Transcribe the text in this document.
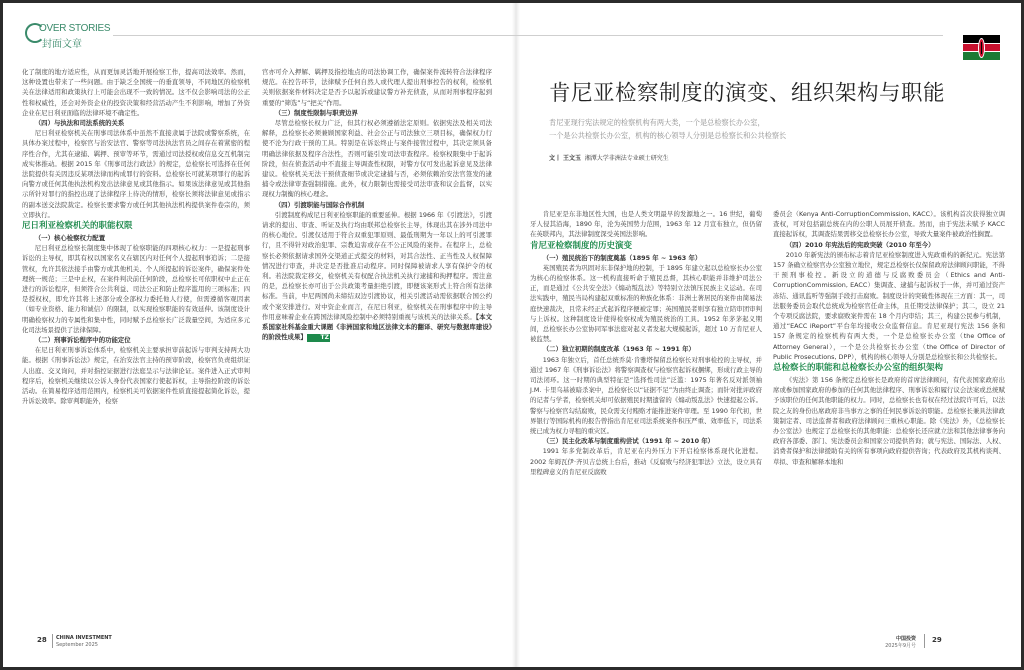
OVER STORIES
封面文章

化了制度的地方适应性，从而更加灵活地开展检察工作，提高司法效率。然而，这种设置也带来了一些问题。由于缺乏全国统一的垂直领导，不同地区的检察机关在法律适用和政策执行上可能会出现不一致的情况。这不仅会影响司法的公正性和权威性，还会对外资企业的投资决策和经营活动产生不利影响，增加了外资企业在尼日利亚面临的法律环境不确定性。

（四）与执法和司法系统的关系

尼日利亚检察机关在刑事司法体系中虽然不直接隶属于法院或警察系统，在具体办案过程中，检察官与治安法官、警察等司法执法官员之间存在着紧密的程序性合作，尤其在逮捕、羁押、预审等环节，需通过司法授权或信息交互机制完成实体推动。根据 2015 年《刑事司法行政法》的规定，总检察长可选择在任何法院提供有关因违反某项法律而构成罪行的资料。总检察长可就某项罪行的起诉向警方或任何其他执法机构发出法律意见或其他指示。如果该法律意见或其他指示所针对罪行的指控出现了法律程序上待决的情形，检察长须将法律意见或指示的副本送交法院裁定。检察长要求警方或任何其他执法机构提供案件卷宗的，须立即执行。

尼日利亚检察机关的职能权限

（一）核心检察权力配置

尼日利亚总检察长制度集中体现了检察职能的四项核心权力：一是提起刑事诉讼的主导权，即其有权以国家名义在辖区内对任何个人提起刑事追诉；二是接管权，允许其依法接手由警方或其他机关、个人所提起的诉讼案件，确保案件处理统一规范；三是中止权，在案件判决前任何阶段，总检察长可依职权中止正在进行的诉讼程序，但须符合公共利益、司法公正和防止程序滥用的三项标准；四是授权权，即允许其将上述部分或全部权力委托他人行使，但需遵循客观因素（如专业资格、能力和诚信）的限制，以实现检察职能的有效延伸。该制度设计明确检察权力的专属性和集中性，同时赋予总检察长广泛裁量空间，为适应多元化司法场景提供了法律保障。

（二）刑事诉讼程序中的功能定位

在尼日利亚刑事诉讼体系中，检察机关主要承担审前起诉与审判支持两大功能。根据《刑事诉讼法》规定，在治安法官主持的预审阶段，检察官负责组织证人出庭、交叉询问，并对指控证据进行法庭呈示与法律论证。案件进入正式审判程序后，检察机关继续以公诉人身份代表国家行使起诉权，主导指控阶段的诉讼活动。在简易程序适用范围内，检察机关可依据案件性质直接提起简化诉讼，提升诉讼效率。除审判职能外，检察

官亦可介入押解、羁押及指控地点的司法协调工作，确保案件流转符合法律程序规范。在控告环节，法律赋予任何自然人或代理人提出刑事控告的权利，检察机关则依据案件材料决定是否予以起诉或建议警方补充侦查，从而对刑事程序起到重要的“筛选”与“把关”作用。

（三）制度性限制与职责边界

尽管总检察长权力广泛，但其行权必须遵循法定原则。依据宪法及相关司法解释，总检察长必须兼顾国家利益、社会公正与司法独立三项目标，确保权力行使不沦为行政干预的工具。特别是在诉讼终止与案件接管过程中，其决定须具备明确法律依据及程序合法性，否则可能引发司法审查程序。检察权限集中于起诉阶段，但在侦查活动中不直接主导调查性权限，对警方仅可发出起诉意见及法律建议。检察机关无法干预侦查细节或决定逮捕与否，必须依赖治安法官签发的逮捕令或法律审查强制措施。此外，权力限制也需接受司法审查和议会监督，以实现权力制衡的核心理念。

（四）引渡职能与国际合作机制

引渡制度构成尼日利亚检察职能的重要延伸。根据 1966 年《引渡法》，引渡请求的提出、审查、听证及执行均由联邦总检察长主导，体现出其在涉外司法中的核心地位。引渡仅适用于符合双重犯罪原则、最低刑期为一年以上的可引渡罪行，且不得针对政治犯罪、宗教迫害或存在不公正风险的案件。在程序上，总检察长必须依据请求国外交渠道正式提交的材料，对其合法性、正当性及人权保障情况进行审查，并决定是否批准启动程序。同时保障被请求人享有保护令的权利。若法院裁定移交，检察机关有权配合执法机关执行逮捕和拘押程序。需注意的是，总检察长亦可出于公共政策考量拒绝引渡，即便该案形式上符合所有法律标准。当前，中尼两国尚未缔结双边引渡协议，相关引渡活动需依据联合国公约或个案安排进行。对中资企业而言，在尼日利亚，检察机关在刑事程序中的主导作用意味着企业在跨国法律风险控制中必须特别重视与该机关的法律关系。【本文系国家社科基金重大课题《非洲国家和地区法律文本的翻译、研究与数据库建设》的阶段性成果】 TZ

28 CHINA INVESTMENT
September 2025
肯尼亚检察制度的演变、组织架构与职能
肯尼亚现行宪法规定的检察机构有两大类，一个是总检察长办公室，
一个是公共检察长办公室，机构的核心领导人分别是总检察长和公共检察长
文丨 王文玉 湘潭大学非洲法专业硕士研究生

肯尼亚是东非地区性大国，也是人类文明最早的发源地之一。16 世纪，葡萄牙人侵其沿海，1890 年，沦为英国势力范围，1963 年 12 月宣布独立，但仍留在英联邦内，其法律制度深受英国法影响。

肯尼亚检察制度的历史演变

（一）殖民统治下的制度奠基（1895 年 ~ 1963 年）

英国殖民者为巩固对东非保护地的控制，于 1895 年建立起以总检察长办公室为核心的检察体系。这一机构直接听命于殖民总督，其核心职能并非维护司法公正，而是通过《公共安全法》《煽动叛乱法》等特别立法镇压民族主义运动。在司法实践中，殖民当局构建起双重标准的种族化体系：非洲土著居民的案件由简易法庭快速裁决，且常未经正式起诉程序便被定罪；英国殖民者则享有独立陪审团审判与上诉权。这种制度设计使得检察权成为殖民统治的工具。1952 年茅茅起义期间，总检察长办公室协同军事法庭对起义者发起大规模起诉，超过 10 万肯尼亚人被监禁。

（二）独立初期的制度改革（1963 年 ~ 1991 年）

1963 年独立后，首任总统乔莫·肯雅塔保留总检察长对刑事检控的主导权，并通过 1967 年《刑事诉讼法》将警察调查权与检察官起诉权捆绑，形成行政主导的司法闭环。这一时期的典型特征是“选择性司法”泛滥：1975 年著名反对派领袖 J.M. 卡里乌基被暗杀案中，总检察长以“证据不足”为由终止调查；而针对批评政府的记者与学者，检察机关却可依据殖民时期遗留的《煽动叛乱法》快速提起公诉。警察与检察官勾结腐败，民众需支付贿赂才能推进案件审理。至 1990 年代初，世界银行等国际机构的报告曾指出肯尼亚司法系统案件积压严重、效率低下，司法系统已成为权力寻租的重灾区。

（三）民主化改革与制度重构尝试（1991 年 ~ 2010 年）

1991 年多党制改革后，肯尼亚在内外压力下开启检察体系现代化进程。2002 年姆瓦伊·齐贝吉总统上台后，推动《反腐败与经济犯罪法》立法，设立具有里程碑意义的肯尼亚反腐败

委员会（Kenya Anti-CorruptionCommission, KACC）。该机构首次获得独立调查权，可对包括副总统在内的公职人员展开侦查。然而，由于宪法未赋予 KACC 直接起诉权，其调查结果需移交总检察长办公室，导致大量案件被政治性搁置。

（四）2010 年宪法后的宪政突破（2010 年至今）

2010 年新宪法的颁布标志着肯尼亚检察制度进入宪政重构的新纪元。宪法第 157 条确立检察官办公室独立地位，规定总检察长仅保留政府法律顾问职能，不得干预刑事检控。新设立的道德与反腐败委员会（Ethics and Anti-CorruptionCommission, EACC）集调查、逮捕与起诉权于一体，并可通过资产冻结、通讯监听等强制手段打击腐败。制度设计的突破性体现在三方面：其一，司法服务委员会取代总统成为检察官任命主体，且任期受法律保护；其二，设立 21 个专项反腐法院，要求腐败案件需在 18 个月内审结；其三，构建公民参与机制，通过“EACC iReport”平台年均接收公众监督信息。肯尼亚现行宪法 156 条和 157 条规定的检察机构有两大类，一个是总检察长办公室（the Office of Attorney General），一个是公共检察长办公室（the Office of Director of Public Prosecutions, DPP），机构的核心领导人分别是总检察长和公共检察长。

总检察长的职能和总检察长办公室的组织架构

《宪法》第 156 条规定总检察长是政府的首席法律顾问，有代表国家政府出席或参加国家政府的参加的任何其他法律程序、刑事诉讼和履行议会法案或总统赋予该职位的任何其他职能的权力。同时，总检察长也有权在经过法院许可后，以法院之友的身份出席政府非当事方之事的任何民事诉讼的职能。总检察长兼具法律政策制定者、司法监督者和政府法律顾问三重核心职能。除《宪法》外，《总检察长办公室法》也规定了总检察长的其他职能：总检察长还应就立法和其他法律事务向政府各部委、部门、宪法委员会和国家公司提供咨询；就与宪法、国际法、人权、消费者保护和法律援助有关的所有事项向政府提供咨询；代表政府及其机构谈判、草拟、审查和解释本地和

中国投资
2025年9月号
29
